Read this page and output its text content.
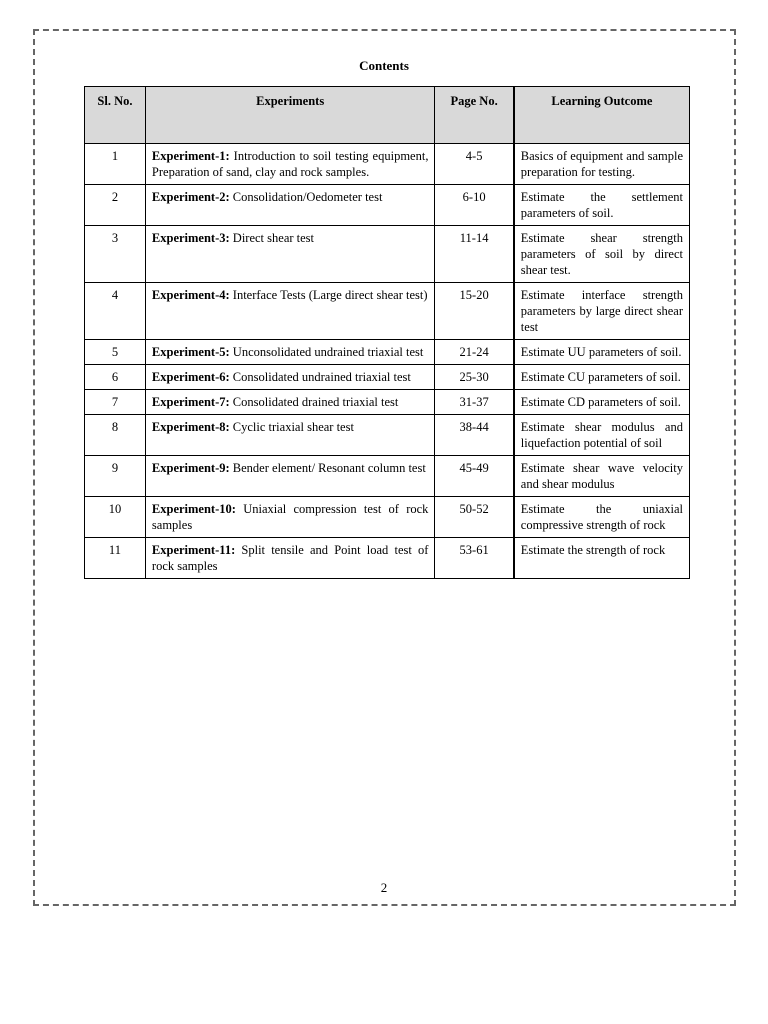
Contents
Sl. No.	Experiments	Page No.	Learning Outcome
1	Experiment-1: Introduction to soil testing equipment, Preparation of sand, clay and rock samples.	4-5	Basics of equipment and sample preparation for testing.
2	Experiment-2: Consolidation/Oedometer test	6-10	Estimate the settlement parameters of soil.
3	Experiment-3: Direct shear test	11-14	Estimate shear strength parameters of soil by direct shear test.
4	Experiment-4: Interface Tests (Large direct shear test)	15-20	Estimate interface strength parameters by large direct shear test
5	Experiment-5: Unconsolidated undrained triaxial test	21-24	Estimate UU parameters of soil.
6	Experiment-6: Consolidated undrained triaxial test	25-30	Estimate CU parameters of soil.
7	Experiment-7: Consolidated drained triaxial test	31-37	Estimate CD parameters of soil.
8	Experiment-8: Cyclic triaxial shear test	38-44	Estimate shear modulus and liquefaction potential of soil
9	Experiment-9: Bender element/ Resonant column test	45-49	Estimate shear wave velocity and shear modulus
10	Experiment-10: Uniaxial compression test of rock samples	50-52	Estimate the uniaxial compressive strength of rock
11	Experiment-11: Split tensile and Point load test of rock samples	53-61	Estimate the strength of rock
2
